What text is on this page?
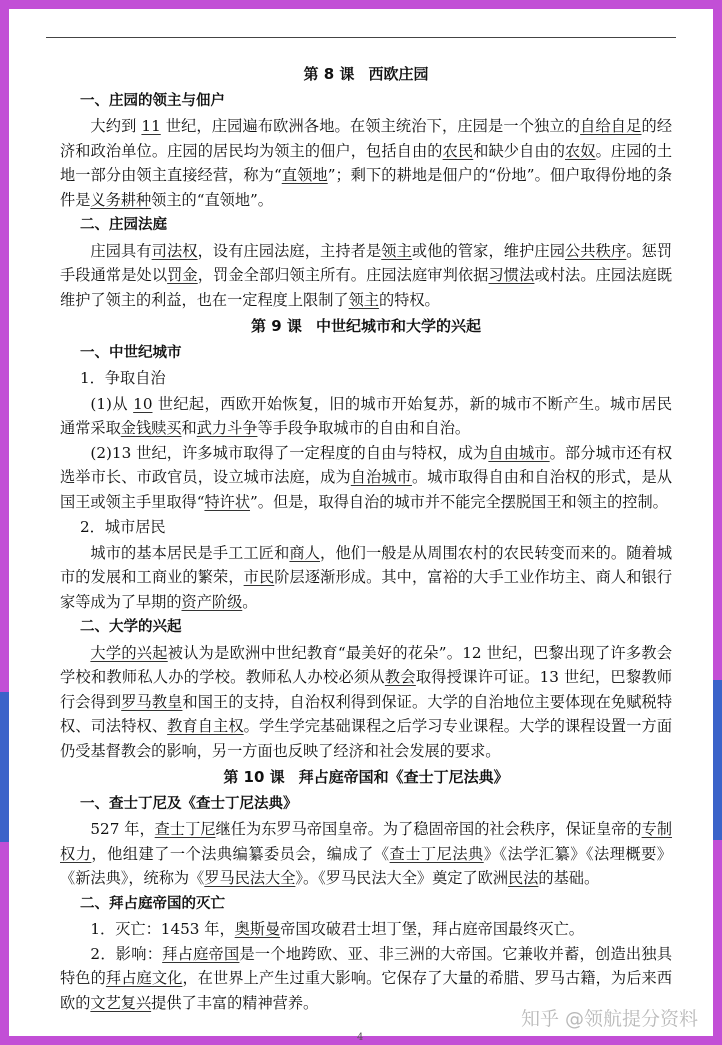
第 8 课 西欧庄园
一、庄园的领主与佃户

大约到 11 世纪，庄园遍布欧洲各地。在领主统治下，庄园是一个独立的自给自足的经济和政治单位。庄园的居民均为领主的佃户，包括自由的农民和缺少自由的农奴。庄园的土地一部分由领主直接经营，称为“直领地”；剩下的耕地是佃户的“份地”。佃户取得份地的条件是义务耕种领主的“直领地”。

二、庄园法庭

庄园具有司法权，设有庄园法庭，主持者是领主或他的管家，维护庄园公共秩序。惩罚手段通常是处以罚金，罚金全部归领主所有。庄园法庭审判依据习惯法或村法。庄园法庭既维护了领主的利益，也在一定程度上限制了领主的特权。

第 9 课 中世纪城市和大学的兴起
一、中世纪城市
1．争取自治

(1)从 10 世纪起，西欧开始恢复，旧的城市开始复苏，新的城市不断产生。城市居民通常采取金钱赎买和武力斗争等手段争取城市的自由和自治。

(2)13 世纪，许多城市取得了一定程度的自由与特权，成为自由城市。部分城市还有权选举市长、市政官员，设立城市法庭，成为自治城市。城市取得自由和自治权的形式，是从国王或领主手里取得“特许状”。但是，取得自治的城市并不能完全摆脱国王和领主的控制。

2．城市居民

城市的基本居民是手工工匠和商人，他们一般是从周围农村的农民转变而来的。随着城市的发展和工商业的繁荣，市民阶层逐渐形成。其中，富裕的大手工业作坊主、商人和银行家等成为了早期的资产阶级。

二、大学的兴起

大学的兴起被认为是欧洲中世纪教育“最美好的花朵”。12 世纪，巴黎出现了许多教会学校和教师私人办的学校。教师私人办校必须从教会取得授课许可证。13 世纪，巴黎教师行会得到罗马教皇和国王的支持，自治权利得到保证。大学的自治地位主要体现在免赋税特权、司法特权、教育自主权。学生学完基础课程之后学习专业课程。大学的课程设置一方面仍受基督教会的影响，另一方面也反映了经济和社会发展的要求。

第 10 课 拜占庭帝国和《查士丁尼法典》
一、查士丁尼及《查士丁尼法典》

527 年，查士丁尼继任为东罗马帝国皇帝。为了稳固帝国的社会秩序，保证皇帝的专制权力，他组建了一个法典编纂委员会，编成了《查士丁尼法典》《法学汇纂》《法理概要》《新法典》，统称为《罗马民法大全》。《罗马民法大全》奠定了欧洲民法的基础。

二、拜占庭帝国的灭亡

1．灭亡：1453 年，奥斯曼帝国攻破君士坦丁堡，拜占庭帝国最终灭亡。

2．影响：拜占庭帝国是一个地跨欧、亚、非三洲的大帝国。它兼收并蓄，创造出独具特色的拜占庭文化，在世界上产生过重大影响。它保存了大量的希腊、罗马古籍，为后来西欧的文艺复兴提供了丰富的精神营养。

知乎 @领航提分资料
4
